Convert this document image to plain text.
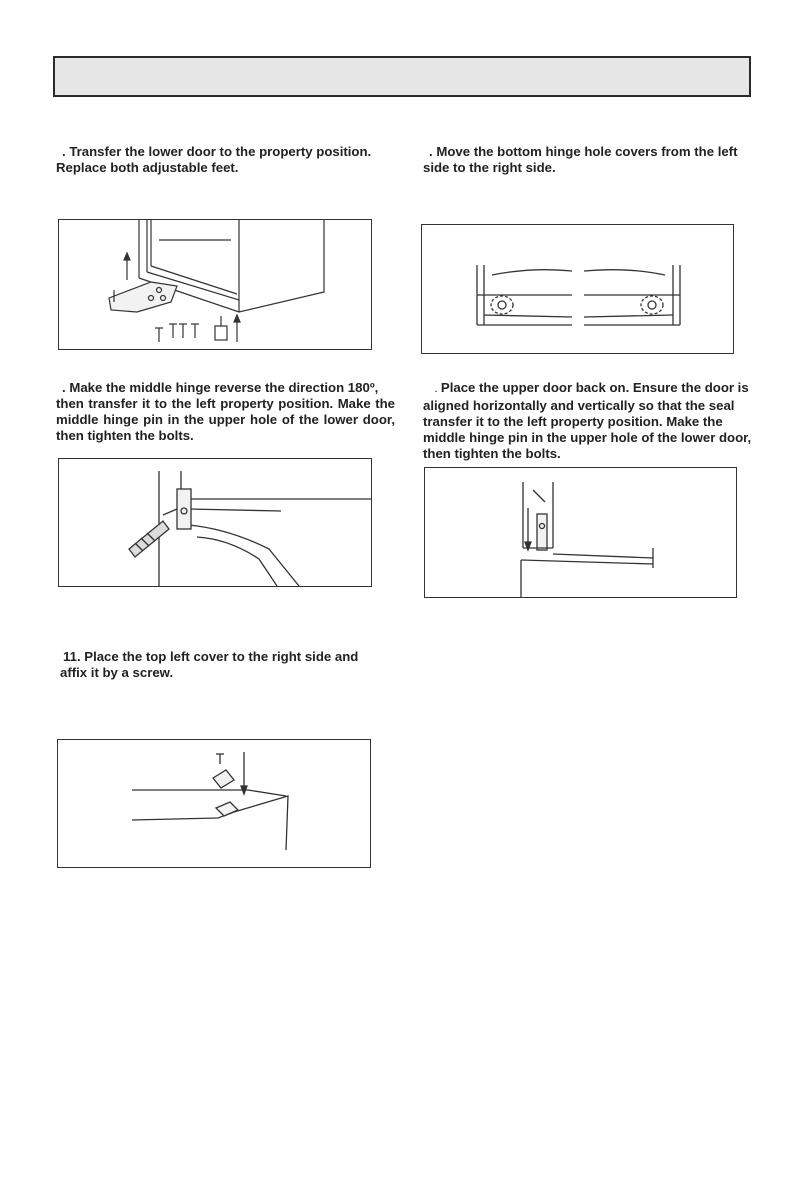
. Transfer the lower door to the property position.
Replace both adjustable feet.
. Move the bottom hinge hole covers from the left
side to the right side.
. Make the middle hinge reverse the direction 180º,
then transfer it to the left property position. Make the
middle hinge pin in the upper hole of the lower door,
then tighten the bolts.
. Place the upper door back on. Ensure the door is
aligned horizontally and vertically so that the seal
transfer it to the left property position. Make the
middle hinge pin in the upper hole of the lower door,
then tighten the bolts.
11. Place the top left cover to the right side and
affix it by a screw.
